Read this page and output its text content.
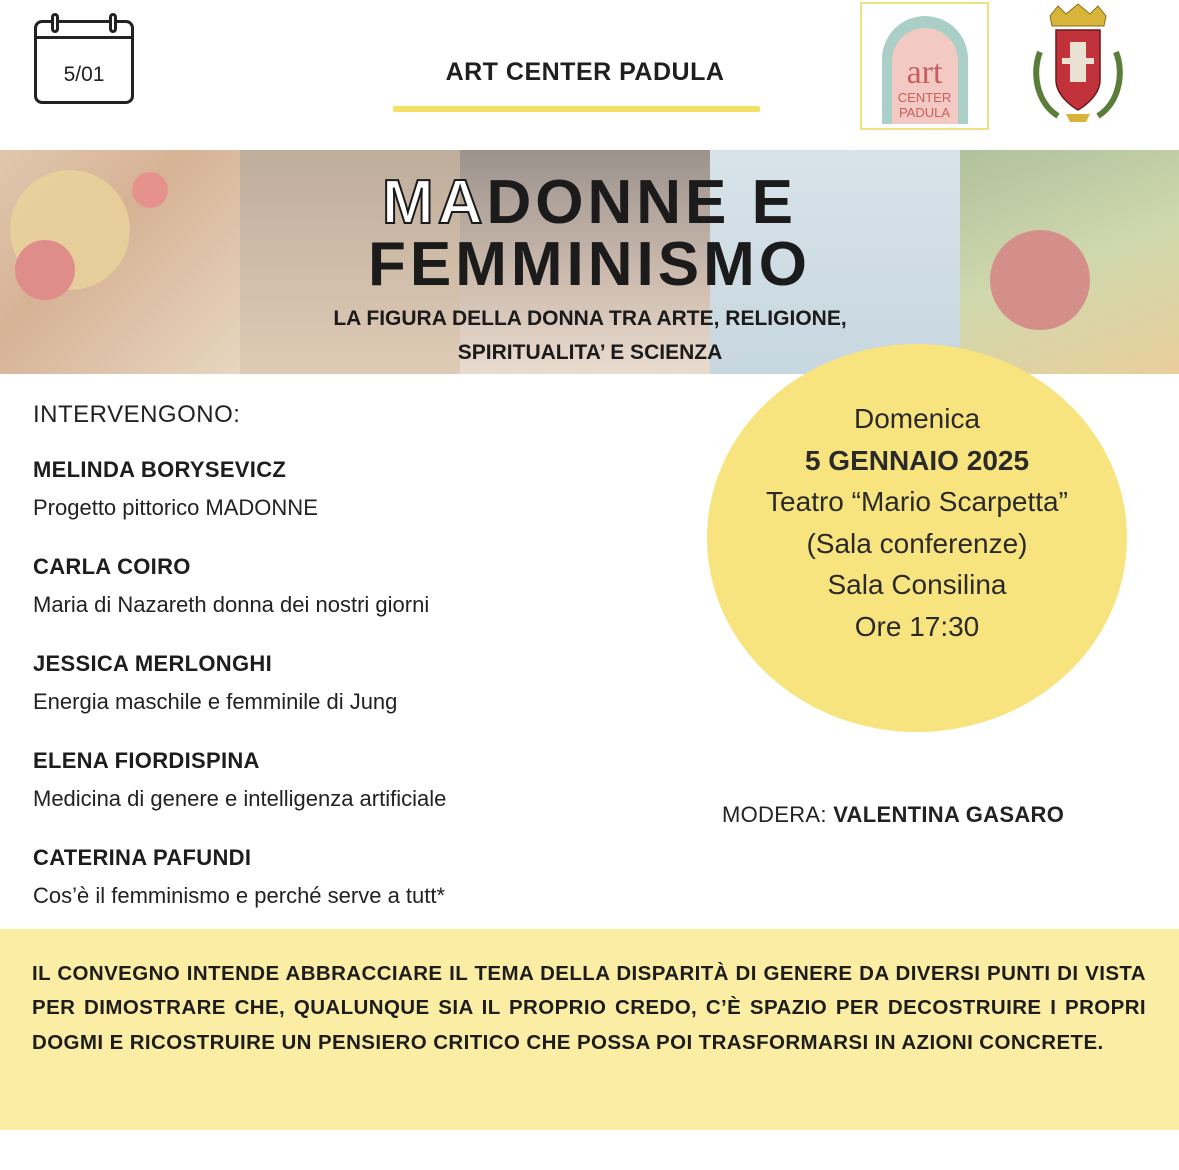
5/01	ART CENTER PADULA	art
CENTER
PADULA
MADONNE E
FEMMINISMO
LA FIGURA DELLA DONNA TRA ARTE, RELIGIONE,
SPIRITUALITA’ E SCIENZA
Domenica
5 GENNAIO 2025
Teatro “Mario Scarpetta”
(Sala conferenze)
Sala Consilina
Ore 17:30
INTERVENGONO:
MELINDA BORYSEVICZ
Progetto pittorico MADONNE
CARLA COIRO
Maria di Nazareth donna dei nostri giorni
JESSICA MERLONGHI
Energia maschile e femminile di Jung
ELENA FIORDISPINA
Medicina di genere e intelligenza artificiale
CATERINA PAFUNDI
Cos’è il femminismo e perché serve a tutt*
MODERA: VALENTINA GASARO
IL CONVEGNO INTENDE ABBRACCIARE IL TEMA DELLA DISPARITÀ DI GENERE DA DIVERSI PUNTI DI VISTA PER DIMOSTRARE CHE, QUALUNQUE SIA IL PROPRIO CREDO, C’È SPAZIO PER DECOSTRUIRE I PROPRI DOGMI E RICOSTRUIRE UN PENSIERO CRITICO CHE POSSA POI TRASFORMARSI IN AZIONI CONCRETE.
